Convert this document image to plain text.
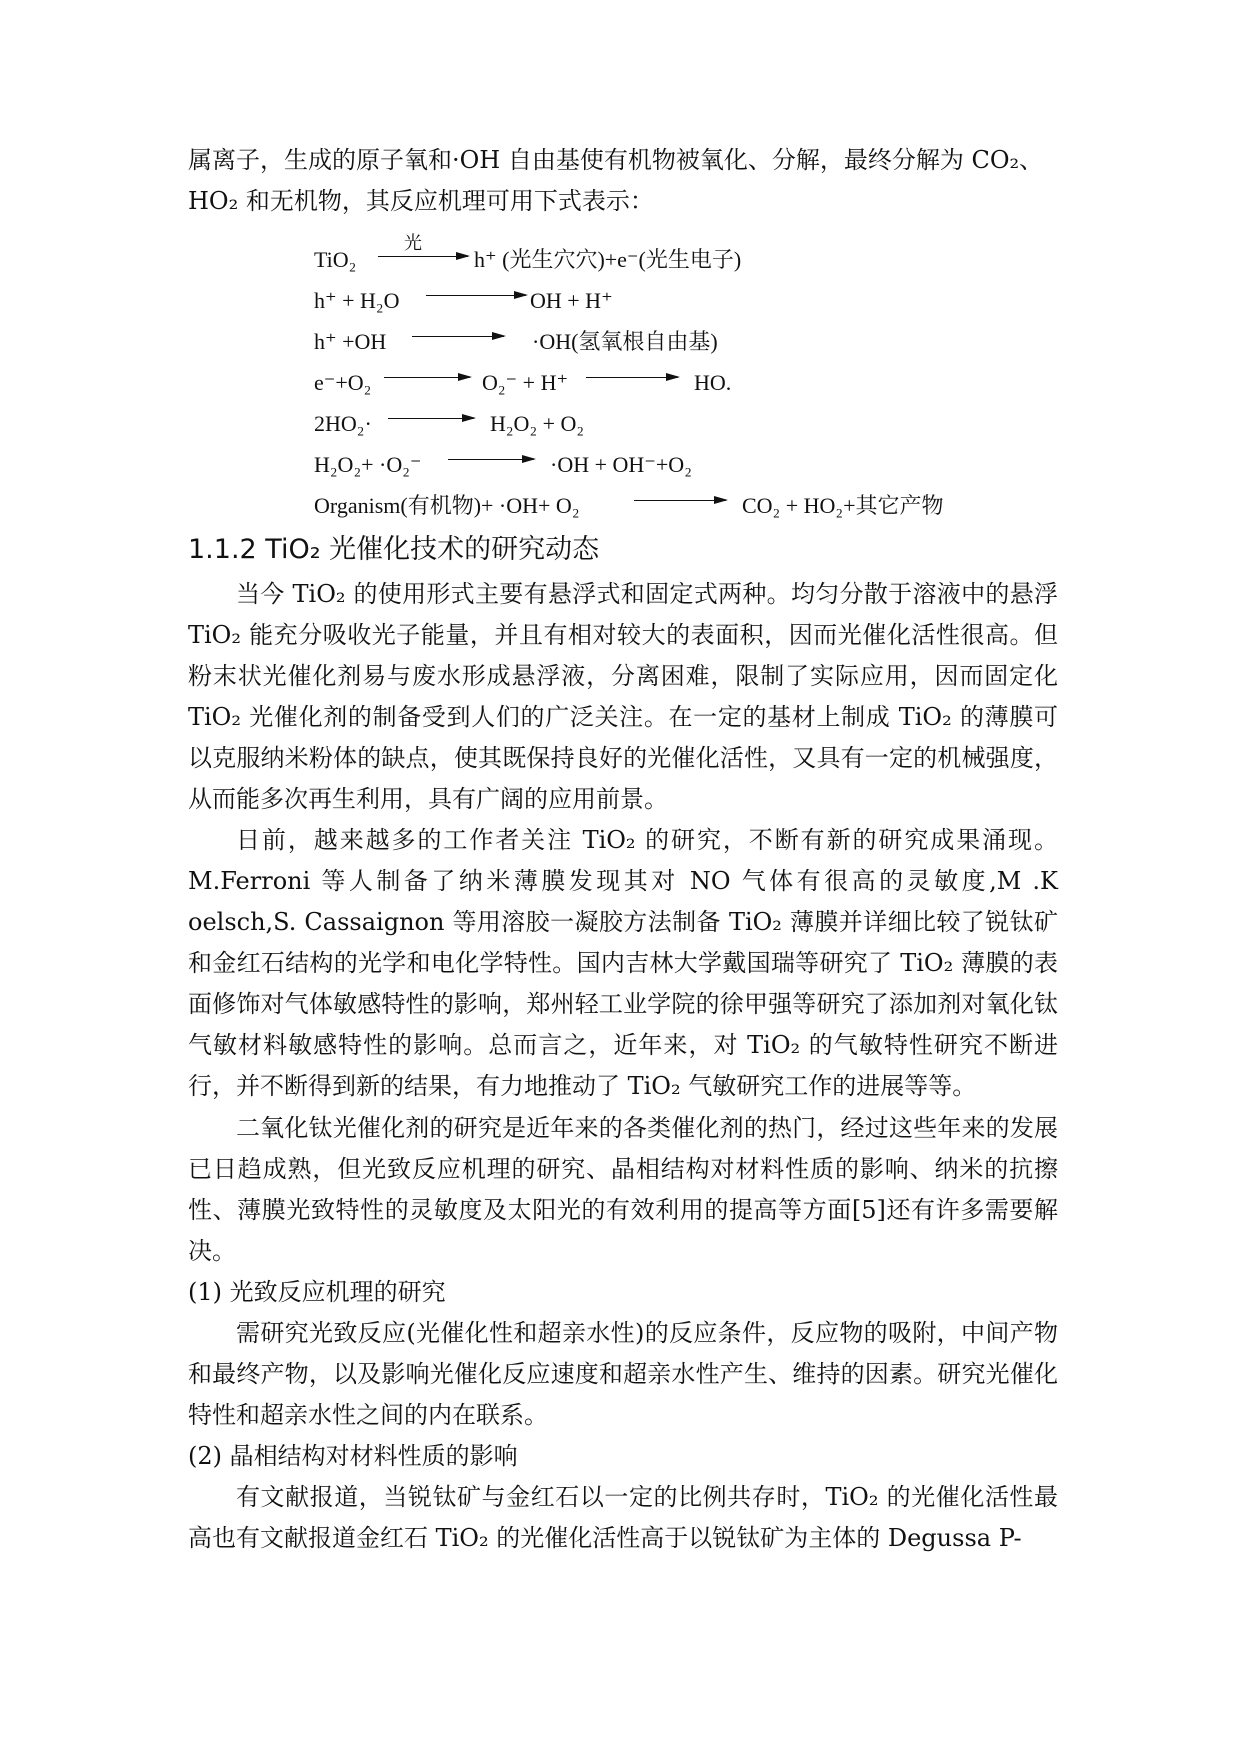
属离子，生成的原子氧和·OH 自由基使有机物被氧化、分解，最终分解为 CO₂、

HO₂ 和无机物，其反应机理可用下式表示：

TiO₂
光
h⁺ (光生穴穴)+e⁻(光生电子)
h⁺ + H₂O	OH + H⁺
h⁺ +OH	·OH(氢氧根自由基)
e⁻+O₂ → O₂⁻ + H⁺	HO.
2HO₂· → H₂O₂ + O₂
H₂O₂+ ·O₂⁻ → ·OH + OH⁻+O₂
Organism(有机物)+ ·OH+ O₂	CO₂ + HO₂+其它产物
1.1.2 TiO₂ 光催化技术的研究动态

当今 TiO₂ 的使用形式主要有悬浮式和固定式两种。均匀分散于溶液中的悬浮 TiO₂ 能充分吸收光子能量，并且有相对较大的表面积，因而光催化活性很高。但粉末状光催化剂易与废水形成悬浮液，分离困难，限制了实际应用，因而固定化 TiO₂ 光催化剂的制备受到人们的广泛关注。在一定的基材上制成 TiO₂ 的薄膜可以克服纳米粉体的缺点，使其既保持良好的光催化活性，又具有一定的机械强度，从而能多次再生利用，具有广阔的应用前景。

日前，越来越多的工作者关注 TiO₂ 的研究，不断有新的研究成果涌现。M.Ferroni 等人制备了纳米薄膜发现其对 NO 气体有很高的灵敏度,M .K oelsch,S. Cassaignon 等用溶胶一凝胶方法制备 TiO₂ 薄膜并详细比较了锐钛矿和金红石结构的光学和电化学特性。国内吉林大学戴国瑞等研究了 TiO₂ 薄膜的表面修饰对气体敏感特性的影响，郑州轻工业学院的徐甲强等研究了添加剂对氧化钛气敏材料敏感特性的影响。总而言之，近年来，对 TiO₂ 的气敏特性研究不断进行，并不断得到新的结果，有力地推动了 TiO₂ 气敏研究工作的进展等等。

二氧化钛光催化剂的研究是近年来的各类催化剂的热门，经过这些年来的发展已日趋成熟，但光致反应机理的研究、晶相结构对材料性质的影响、纳米的抗擦性、薄膜光致特性的灵敏度及太阳光的有效利用的提高等方面[5]还有许多需要解决。

(1) 光致反应机理的研究

需研究光致反应(光催化性和超亲水性)的反应条件，反应物的吸附，中间产物和最终产物，以及影响光催化反应速度和超亲水性产生、维持的因素。研究光催化特性和超亲水性之间的内在联系。

(2) 晶相结构对材料性质的影响

有文献报道，当锐钛矿与金红石以一定的比例共存时，TiO₂ 的光催化活性最高也有文献报道金红石 TiO₂ 的光催化活性高于以锐钛矿为主体的 Degussa P-
